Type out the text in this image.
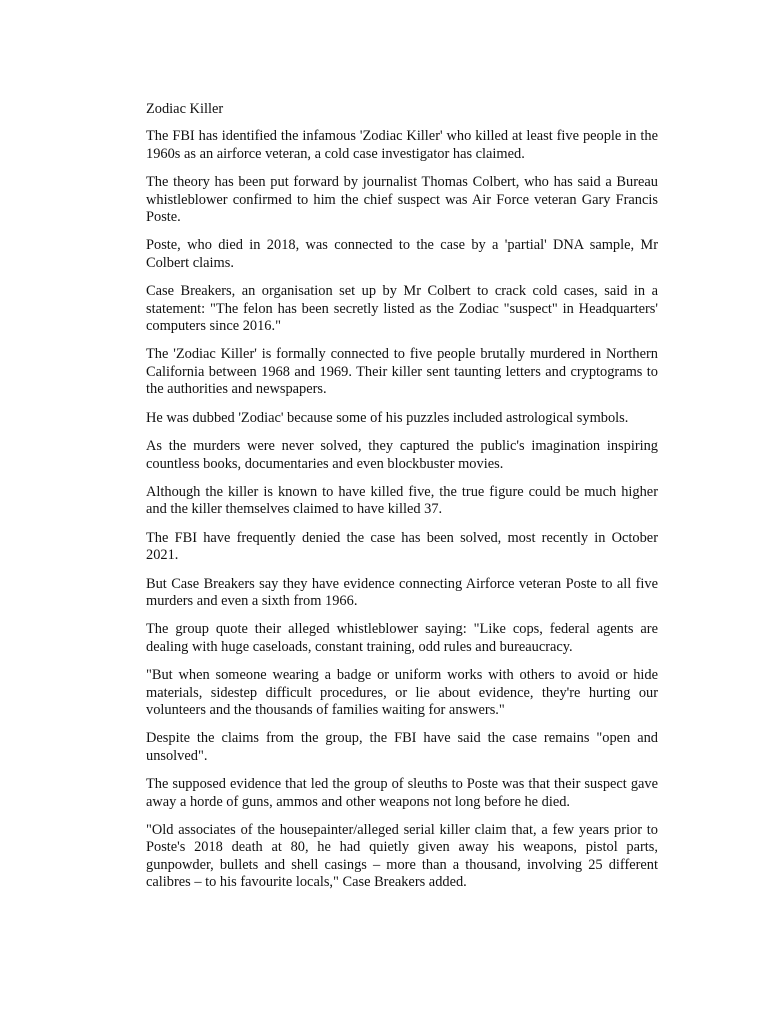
Zodiac Killer

The FBI has identified the infamous 'Zodiac Killer' who killed at least five people in the 1960s as an airforce veteran, a cold case investigator has claimed.

The theory has been put forward by journalist Thomas Colbert, who has said a Bureau whistleblower confirmed to him the chief suspect was Air Force veteran Gary Francis Poste.

Poste, who died in 2018, was connected to the case by a 'partial' DNA sample, Mr Colbert claims.

Case Breakers, an organisation set up by Mr Colbert to crack cold cases, said in a statement: "The felon has been secretly listed as the Zodiac "suspect" in Headquarters' computers since 2016."

The 'Zodiac Killer' is formally connected to five people brutally murdered in Northern California between 1968 and 1969. Their killer sent taunting letters and cryptograms to the authorities and newspapers.

He was dubbed 'Zodiac' because some of his puzzles included astrological symbols.

As the murders were never solved, they captured the public's imagination inspiring countless books, documentaries and even blockbuster movies.

Although the killer is known to have killed five, the true figure could be much higher and the killer themselves claimed to have killed 37.

The FBI have frequently denied the case has been solved, most recently in October 2021.

But Case Breakers say they have evidence connecting Airforce veteran Poste to all five murders and even a sixth from 1966.

The group quote their alleged whistleblower saying: "Like cops, federal agents are dealing with huge caseloads, constant training, odd rules and bureaucracy.

"But when someone wearing a badge or uniform works with others to avoid or hide materials, sidestep difficult procedures, or lie about evidence, they're hurting our volunteers and the thousands of families waiting for answers."

Despite the claims from the group, the FBI have said the case remains "open and unsolved".

The supposed evidence that led the group of sleuths to Poste was that their suspect gave away a horde of guns, ammos and other weapons not long before he died.

"Old associates of the housepainter/alleged serial killer claim that, a few years prior to Poste's 2018 death at 80, he had quietly given away his weapons, pistol parts, gunpowder, bullets and shell casings – more than a thousand, involving 25 different calibres – to his favourite locals," Case Breakers added.
